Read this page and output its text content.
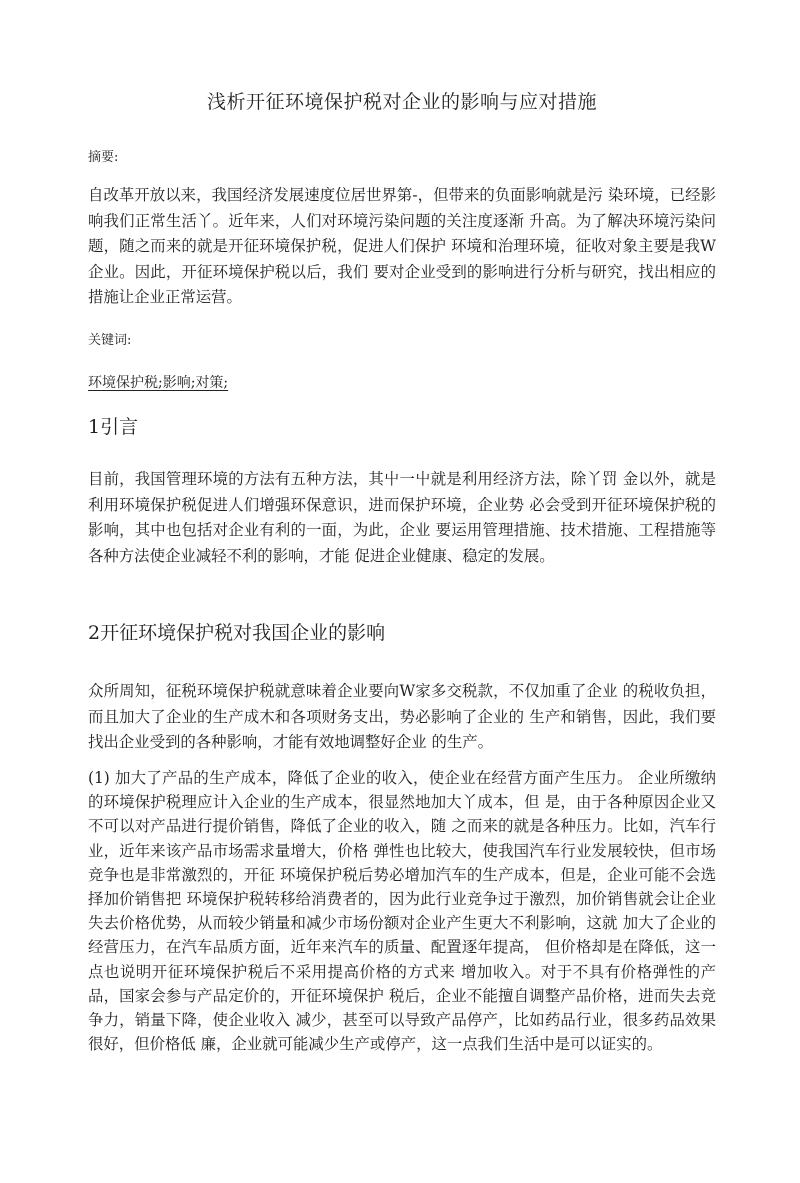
浅析开征环境保护税对企业的影响与应对措施
摘要:
自改革开放以来，我国经济发展速度位居世界第-，但带来的负面影响就是污 染环境，已经影响我们正常生活丫。近年来，人们对环境污染问题的关注度逐渐 升高。为了解决环境污染问题，随之而来的就是开征环境保护税，促进人们保护 环境和治理环境，征收对象主要是我W企业。因此，开征环境保护税以后，我们 要对企业受到的影响进行分析与研究，找出相应的措施让企业正常运营。
关键词:
环境保护税;影响;对策;
1引言
目前，我国管理环境的方法有五种方法，其屮一屮就是利用经济方法，除丫罚 金以外，就是利用环境保护税促进人们增强环保意识，进而保护环境，企业势 必会受到开征环境保护税的影响，其中也包括对企业有利的一面，为此，企业 要运用管理措施、技术措施、工程措施等各种方法使企业减轻不利的影响，才能 促进企业健康、稳定的发展。
2开征环境保护税对我国企业的影响
众所周知，征税环境保护税就意味着企业要向W家多交税款，不仅加重了企业 的税收负担，而且加大了企业的生产成木和各项财务支出，势必影响了企业的 生产和销售，因此，我们要找出企业受到的各种影响，才能有效地调整好企业 的生产。
(1) 加大了产品的生产成本，降低了企业的收入，使企业在经营方面产生压力。 企业所缴纳的环境保护税理应计入企业的生产成本，很显然地加大丫成本，但 是，由于各种原因企业又不可以对产品进行提价销售，降低了企业的收入，随 之而来的就是各种压力。比如，汽车行业，近年来该产品市场需求量增大，价格 弹性也比较大，使我国汽车行业发展较快，但市场竞争也是非常激烈的，开征 环境保护税后势必增加汽车的生产成本，但是，企业可能不会选择加价销售把 环境保护税转移给消费者的，因为此行业竞争过于激烈，加价销售就会让企业 失去价格优势，从而较少销量和减少市场份额对企业产生更大不利影响，这就 加大了企业的经营压力，在汽车品质方面，近年来汽车的质量、配置逐年提高， 但价格却是在降低，这一点也说明开征环境保护税后不采用提高价格的方式来 增加收入。对于不具有价格弹性的产品，国家会参与产品定价的，开征环境保护 税后，企业不能擅自调整产品价格，进而失去竞争力，销量下降，使企业收入 减少，甚至可以导致产品停产，比如药品行业，很多药品效果很好，但价格低 廉，企业就可能减少生产或停产，这一点我们生活中是可以证实的。
